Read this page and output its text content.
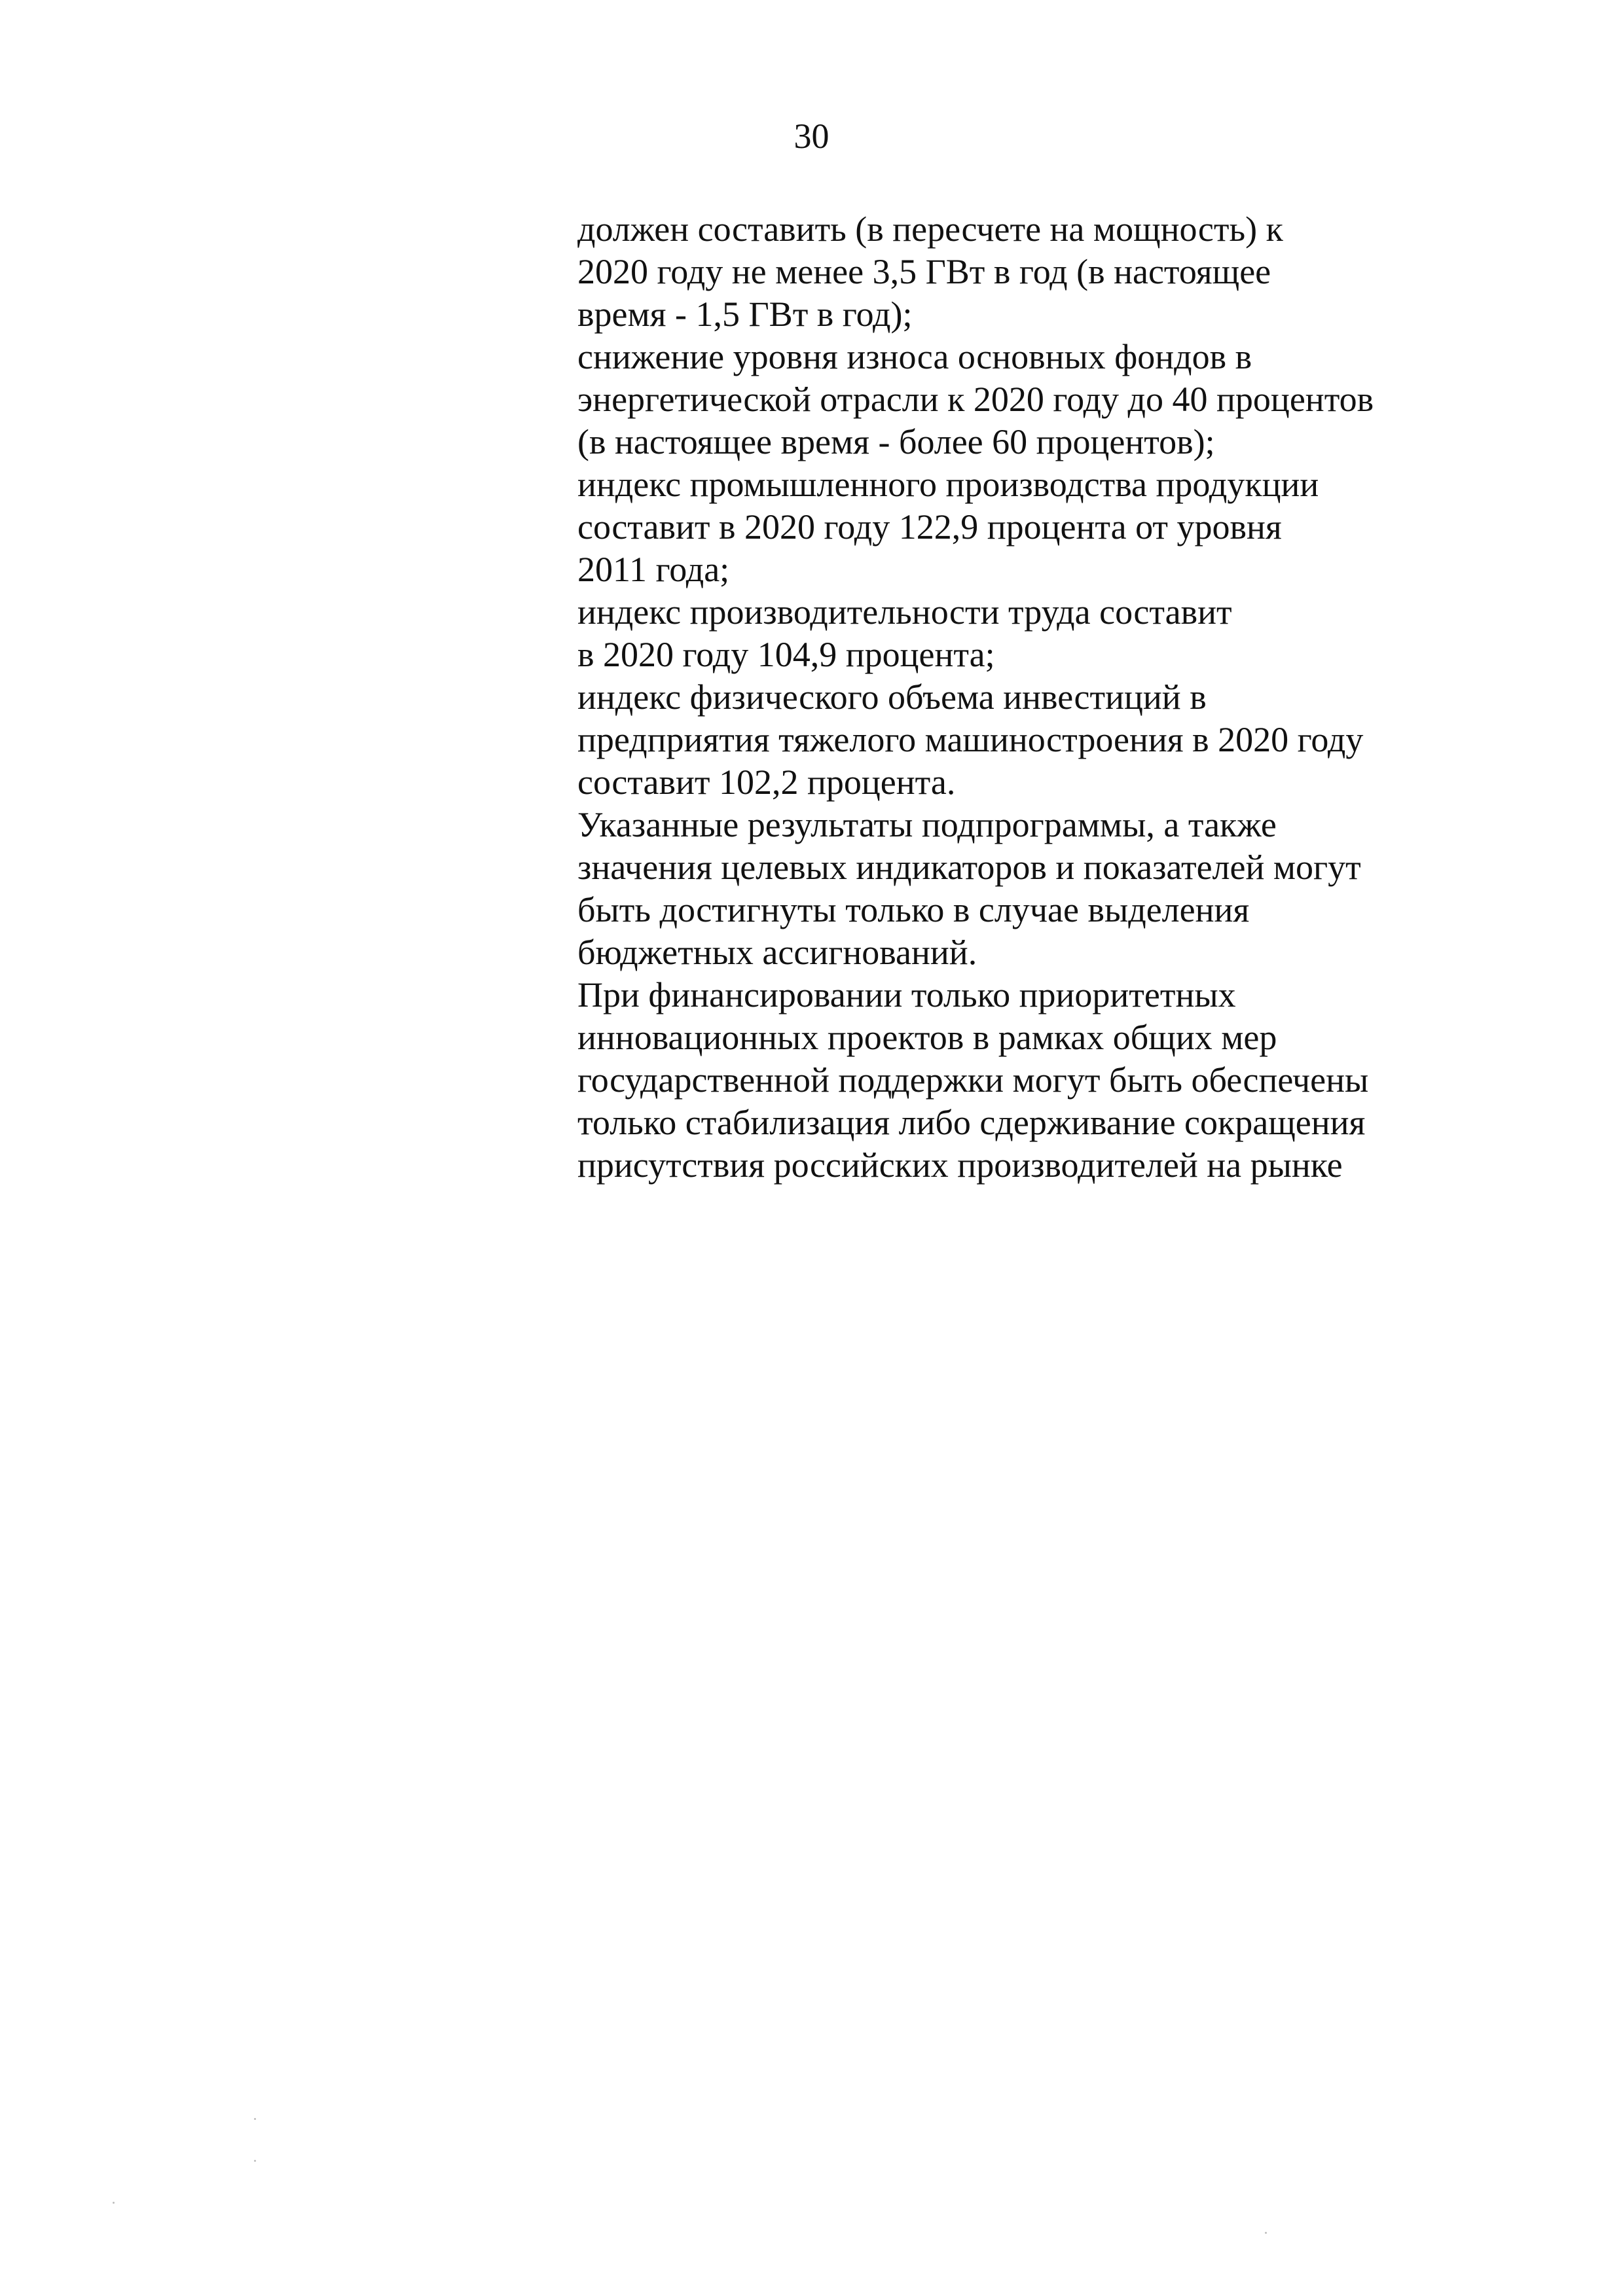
30
должен составить (в пересчете на мощность) к
2020 году не менее 3,5 ГВт в год (в настоящее
время - 1,5 ГВт в год);
снижение уровня износа основных фондов в
энергетической отрасли к 2020 году до 40 процентов
(в настоящее время - более 60 процентов);
индекс промышленного производства продукции
составит в 2020 году 122,9 процента от уровня
2011 года;
индекс производительности труда составит
в 2020 году 104,9 процента;
индекс физического объема инвестиций в
предприятия тяжелого машиностроения в 2020 году
составит 102,2 процента.
Указанные результаты подпрограммы, а также
значения целевых индикаторов и показателей могут
быть достигнуты только в случае выделения
бюджетных ассигнований.
При финансировании только приоритетных
инновационных проектов в рамках общих мер
государственной поддержки могут быть обеспечены
только стабилизация либо сдерживание сокращения
присутствия российских производителей на рынке
